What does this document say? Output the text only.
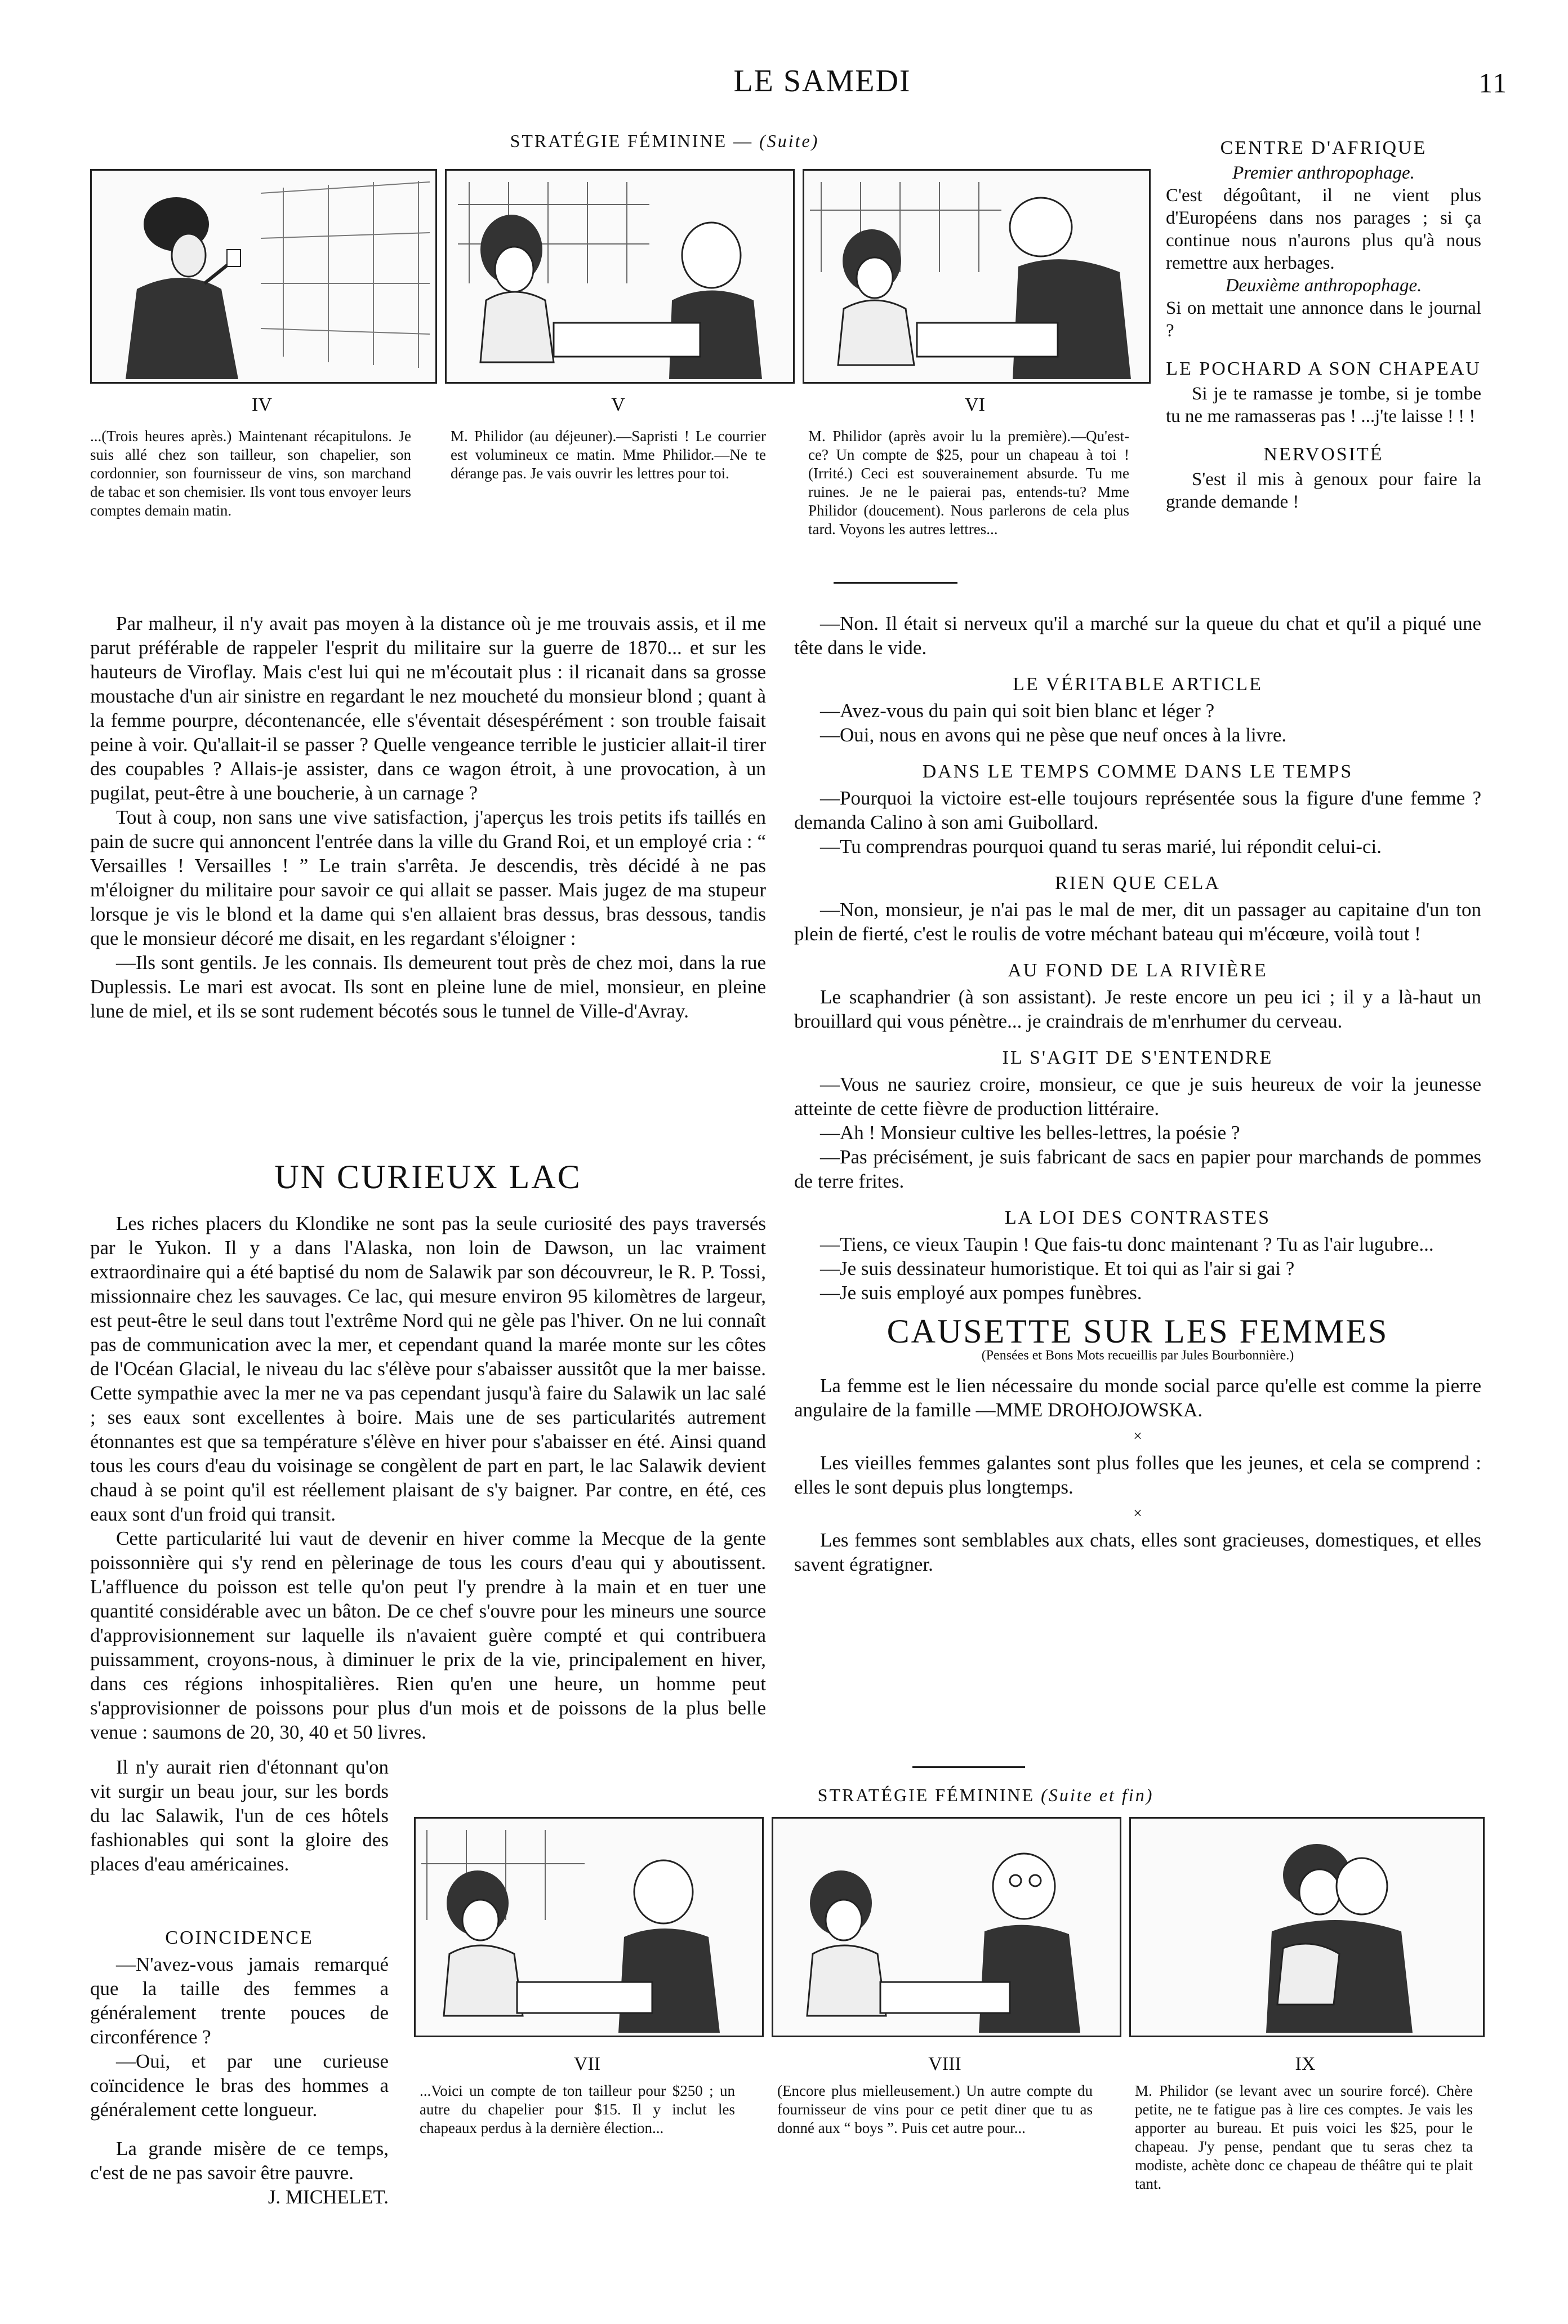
LE SAMEDI	11
STRATÉGIE FÉMININE — (Suite)
IV	V	VI
...(Trois heures après.) Maintenant récapitulons. Je suis allé chez son tailleur, son chapelier, son cordonnier, son fournisseur de vins, son marchand de tabac et son chemisier. Ils vont tous envoyer leurs comptes demain matin.
M. Philidor (au déjeuner).—Sapristi ! Le courrier est volumineux ce matin. Mme Philidor.—Ne te dérange pas. Je vais ouvrir les lettres pour toi.
M. Philidor (après avoir lu la première).—Qu'est-ce? Un compte de $25, pour un chapeau à toi ! (Irrité.) Ceci est souverainement absurde. Tu me ruines. Je ne le paierai pas, entends-tu? Mme Philidor (doucement). Nous parlerons de cela plus tard. Voyons les autres lettres...
CENTRE D'AFRIQUE
Premier anthropophage.
C'est dégoûtant, il ne vient plus d'Européens dans nos parages ; si ça continue nous n'aurons plus qu'à nous remettre aux herbages.
Deuxième anthropophage.
Si on mettait une annonce dans le journal ?
LE POCHARD A SON CHAPEAU

Si je te ramasse je tombe, si je tombe tu ne me ramasseras pas ! ...j'te laisse ! ! !

NERVOSITÉ

S'est il mis à genoux pour faire la grande demande !

Par malheur, il n'y avait pas moyen à la distance où je me trouvais assis, et il me parut préférable de rappeler l'esprit du militaire sur la guerre de 1870... et sur les hauteurs de Viroflay. Mais c'est lui qui ne m'écoutait plus : il ricanait dans sa grosse moustache d'un air sinistre en regardant le nez moucheté du monsieur blond ; quant à la femme pourpre, décontenancée, elle s'éventait désespérément : son trouble faisait peine à voir. Qu'allait-il se passer ? Quelle vengeance terrible le justicier allait-il tirer des coupables ? Allais-je assister, dans ce wagon étroit, à une provocation, à un pugilat, peut-être à une boucherie, à un carnage ?

Tout à coup, non sans une vive satisfaction, j'aperçus les trois petits ifs taillés en pain de sucre qui annoncent l'entrée dans la ville du Grand Roi, et un employé cria : “ Versailles ! Versailles ! ” Le train s'arrêta. Je descendis, très décidé à ne pas m'éloigner du militaire pour savoir ce qui allait se passer. Mais jugez de ma stupeur lorsque je vis le blond et la dame qui s'en allaient bras dessus, bras dessous, tandis que le monsieur décoré me disait, en les regardant s'éloigner :

—Ils sont gentils. Je les connais. Ils demeurent tout près de chez moi, dans la rue Duplessis. Le mari est avocat. Ils sont en pleine lune de miel, monsieur, en pleine lune de miel, et ils se sont rudement bécotés sous le tunnel de Ville-d'Avray.

—Non. Il était si nerveux qu'il a marché sur la queue du chat et qu'il a piqué une tête dans le vide.

LE VÉRITABLE ARTICLE

—Avez-vous du pain qui soit bien blanc et léger ?

—Oui, nous en avons qui ne pèse que neuf onces à la livre.

DANS LE TEMPS COMME DANS LE TEMPS

—Pourquoi la victoire est-elle toujours représentée sous la figure d'une femme ? demanda Calino à son ami Guibollard.

—Tu comprendras pourquoi quand tu seras marié, lui répondit celui-ci.

RIEN QUE CELA

—Non, monsieur, je n'ai pas le mal de mer, dit un passager au capitaine d'un ton plein de fierté, c'est le roulis de votre méchant bateau qui m'écœure, voilà tout !

AU FOND DE LA RIVIÈRE

Le scaphandrier (à son assistant). Je reste encore un peu ici ; il y a là-haut un brouillard qui vous pénètre... je craindrais de m'enrhumer du cerveau.

IL S'AGIT DE S'ENTENDRE

—Vous ne sauriez croire, monsieur, ce que je suis heureux de voir la jeunesse atteinte de cette fièvre de production littéraire.

—Ah ! Monsieur cultive les belles-lettres, la poésie ?

—Pas précisément, je suis fabricant de sacs en papier pour marchands de pommes de terre frites.

LA LOI DES CONTRASTES

—Tiens, ce vieux Taupin ! Que fais-tu donc maintenant ? Tu as l'air lugubre...

—Je suis dessinateur humoristique. Et toi qui as l'air si gai ?

—Je suis employé aux pompes funèbres.

CAUSETTE SUR LES FEMMES
(Pensées et Bons Mots recueillis par Jules Bourbonnière.)

La femme est le lien nécessaire du monde social parce qu'elle est comme la pierre angulaire de la famille —MME DROHOJOWSKA.

×

Les vieilles femmes galantes sont plus folles que les jeunes, et cela se comprend : elles le sont depuis plus longtemps.

×

Les femmes sont semblables aux chats, elles sont gracieuses, domestiques, et elles savent égratigner.

UN CURIEUX LAC

Les riches placers du Klondike ne sont pas la seule curiosité des pays traversés par le Yukon. Il y a dans l'Alaska, non loin de Dawson, un lac vraiment extraordinaire qui a été baptisé du nom de Salawik par son découvreur, le R. P. Tossi, missionnaire chez les sauvages. Ce lac, qui mesure environ 95 kilomètres de largeur, est peut-être le seul dans tout l'extrême Nord qui ne gèle pas l'hiver. On ne lui connaît pas de communication avec la mer, et cependant quand la marée monte sur les côtes de l'Océan Glacial, le niveau du lac s'élève pour s'abaisser aussitôt que la mer baisse. Cette sympathie avec la mer ne va pas cependant jusqu'à faire du Salawik un lac salé ; ses eaux sont excellentes à boire. Mais une de ses particularités autrement étonnantes est que sa température s'élève en hiver pour s'abaisser en été. Ainsi quand tous les cours d'eau du voisinage se congèlent de part en part, le lac Salawik devient chaud à se point qu'il est réellement plaisant de s'y baigner. Par contre, en été, ces eaux sont d'un froid qui transit.

Cette particularité lui vaut de devenir en hiver comme la Mecque de la gente poissonnière qui s'y rend en pèlerinage de tous les cours d'eau qui y aboutissent. L'affluence du poisson est telle qu'on peut l'y prendre à la main et en tuer une quantité considérable avec un bâton. De ce chef s'ouvre pour les mineurs une source d'approvisionnement sur laquelle ils n'avaient guère compté et qui contribuera puissamment, croyons-nous, à diminuer le prix de la vie, principalement en hiver, dans ces régions inhospitalières. Rien qu'en une heure, un homme peut s'approvisionner de poissons pour plus d'un mois et de poissons de la plus belle venue : saumons de 20, 30, 40 et 50 livres.

Il n'y aurait rien d'étonnant qu'on vit surgir un beau jour, sur les bords du lac Salawik, l'un de ces hôtels fashionables qui sont la gloire des places d'eau américaines.

COINCIDENCE

—N'avez-vous jamais remarqué que la taille des femmes a généralement trente pouces de circonférence ?

—Oui, et par une curieuse coïncidence le bras des hommes a généralement cette longueur.

La grande misère de ce temps, c'est de ne pas savoir être pauvre.

J. MICHELET.
STRATÉGIE FÉMININE (Suite et fin)
VII	VIII	IX
...Voici un compte de ton tailleur pour $250 ; un autre du chapelier pour $15. Il y inclut les chapeaux perdus à la dernière élection...
(Encore plus mielleusement.) Un autre compte du fournisseur de vins pour ce petit diner que tu as donné aux “ boys ”. Puis cet autre pour...
M. Philidor (se levant avec un sourire forcé). Chère petite, ne te fatigue pas à lire ces comptes. Je vais les apporter au bureau. Et puis voici les $25, pour le chapeau. J'y pense, pendant que tu seras chez ta modiste, achète donc ce chapeau de théâtre qui te plait tant.
